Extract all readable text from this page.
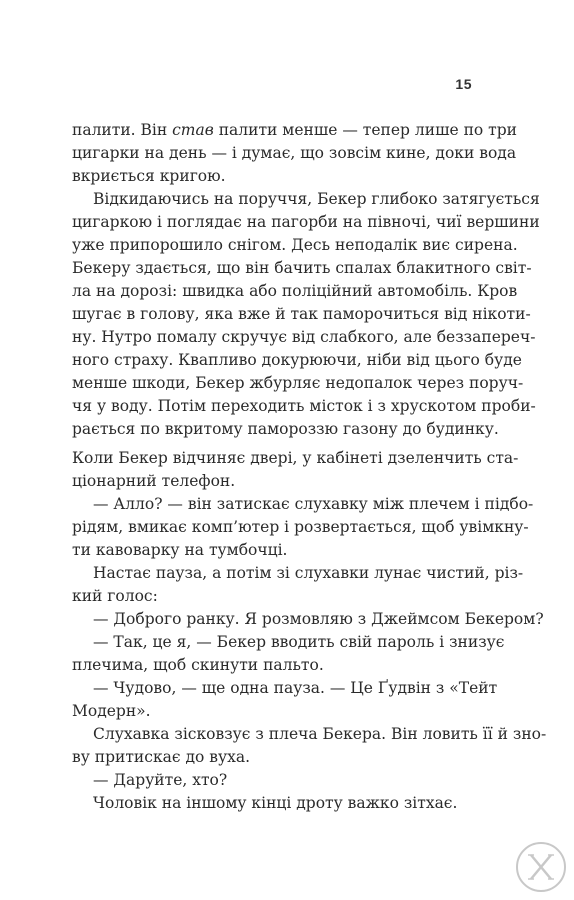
15

палити. Він став палити менше — тепер лише по три

цигарки на день — і думає, що зовсім кине, доки вода

вкриється кригою.

Відкидаючись на поруччя, Бекер глибоко затягується

цигаркою і поглядає на пагорби на півночі, чиї вершини

уже припорошило снігом. Десь неподалік виє сирена.

Бекеру здається, що він бачить спалах блакитного світ-

ла на дорозі: швидка або поліційний автомобіль. Кров

шугає в голову, яка вже й так паморочиться від нікоти-

ну. Нутро помалу скручує від слабкого, але беззапереч-

ного страху. Квапливо докурюючи, ніби від цього буде

менше шкоди, Бекер жбурляє недопалок через поруч-

чя у воду. Потім переходить місток і з хрускотом проби-

рається по вкритому памороззю газону до будинку.

Коли Бекер відчиняє двері, у кабінеті дзеленчить ста-

ціонарний телефон.

— Алло? — він затискає слухавку між плечем і підбо-

рідям, вмикає комп’ютер і розвертається, щоб увімкну-

ти кавоварку на тумбочці.

Настає пауза, а потім зі слухавки лунає чистий, різ-

кий голос:

— Доброго ранку. Я розмовляю з Джеймсом Бекером?

— Так, це я, — Бекер вводить свій пароль і знизує

плечима, щоб скинути пальто.

— Чудово, — ще одна пауза. — Це Ґудвін з «Тейт

Модерн».

Слухавка зісковзує з плеча Бекера. Він ловить її й зно-

ву притискає до вуха.

— Даруйте, хто?

Чоловік на іншому кінці дроту важко зітхає.
